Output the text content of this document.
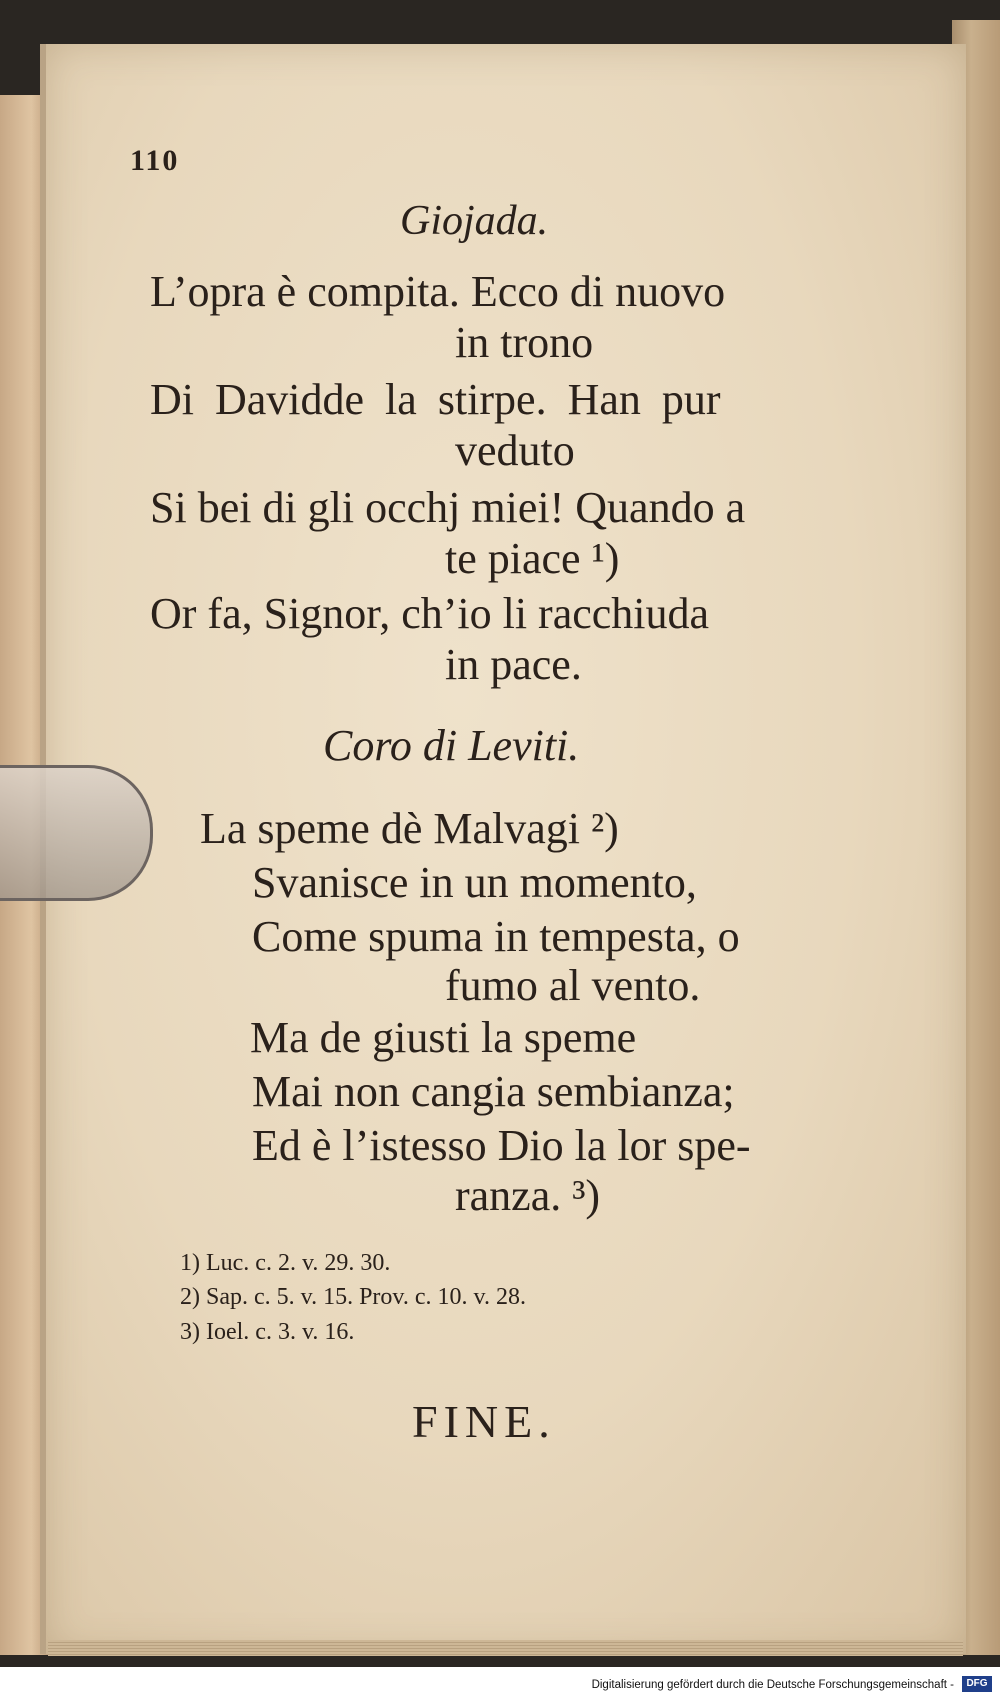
110
Giojada.
L’opra è compita. Ecco di nuovo
in trono
Di Davidde la stirpe. Han pur
veduto
Si bei di gli occhj miei! Quando a
te piace ¹)
Or fa, Signor, ch’io li racchiuda
in pace.
Coro di Leviti.
La speme dè Malvagi ²)
Svanisce in un momento,
Come spuma in tempesta, o
fumo al vento.
Ma de giusti la speme
Mai non cangia sembianza;
Ed è l’istesso Dio la lor spe-
ranza. ³)
1) Luc. c. 2. v. 29. 30.
2) Sap. c. 5. v. 15. Prov. c. 10. v. 28.
3) Ioel. c. 3. v. 16.
FINE.
Digitalisierung gefördert durch die Deutsche Forschungsgemeinschaft -	DFG
